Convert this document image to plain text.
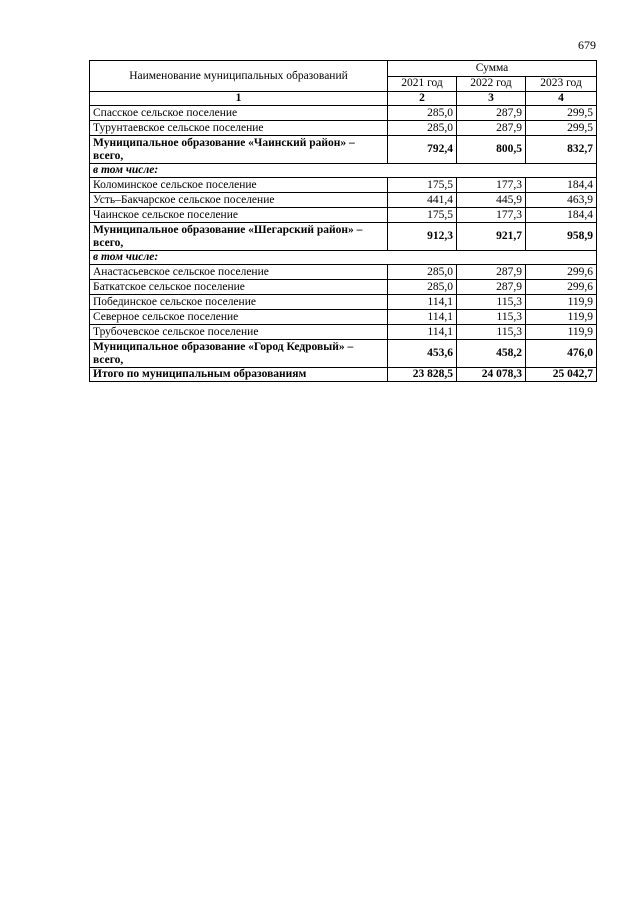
679
Наименование муниципальных образований	Сумма		
	2021 год	2022 год	2023 год
1	2	3	4
Спасское сельское поселение	285,0	287,9	299,5
Турунтаевское сельское поселение	285,0	287,9	299,5
Муниципальное образование «Чаинский район» – всего,	792,4	800,5	832,7
в том числе:			
Коломинское сельское поселение	175,5	177,3	184,4
Усть–Бакчарское сельское поселение	441,4	445,9	463,9
Чаинское сельское поселение	175,5	177,3	184,4
Муниципальное образование «Шегарский район» – всего,	912,3	921,7	958,9
в том числе:			
Анастасьевское сельское поселение	285,0	287,9	299,6
Баткатское сельское поселение	285,0	287,9	299,6
Побединское сельское поселение	114,1	115,3	119,9
Северное сельское поселение	114,1	115,3	119,9
Трубочевское сельское поселение	114,1	115,3	119,9
Муниципальное образование «Город Кедровый» – всего,	453,6	458,2	476,0
Итого по муниципальным образованиям	23 828,5	24 078,3	25 042,7
